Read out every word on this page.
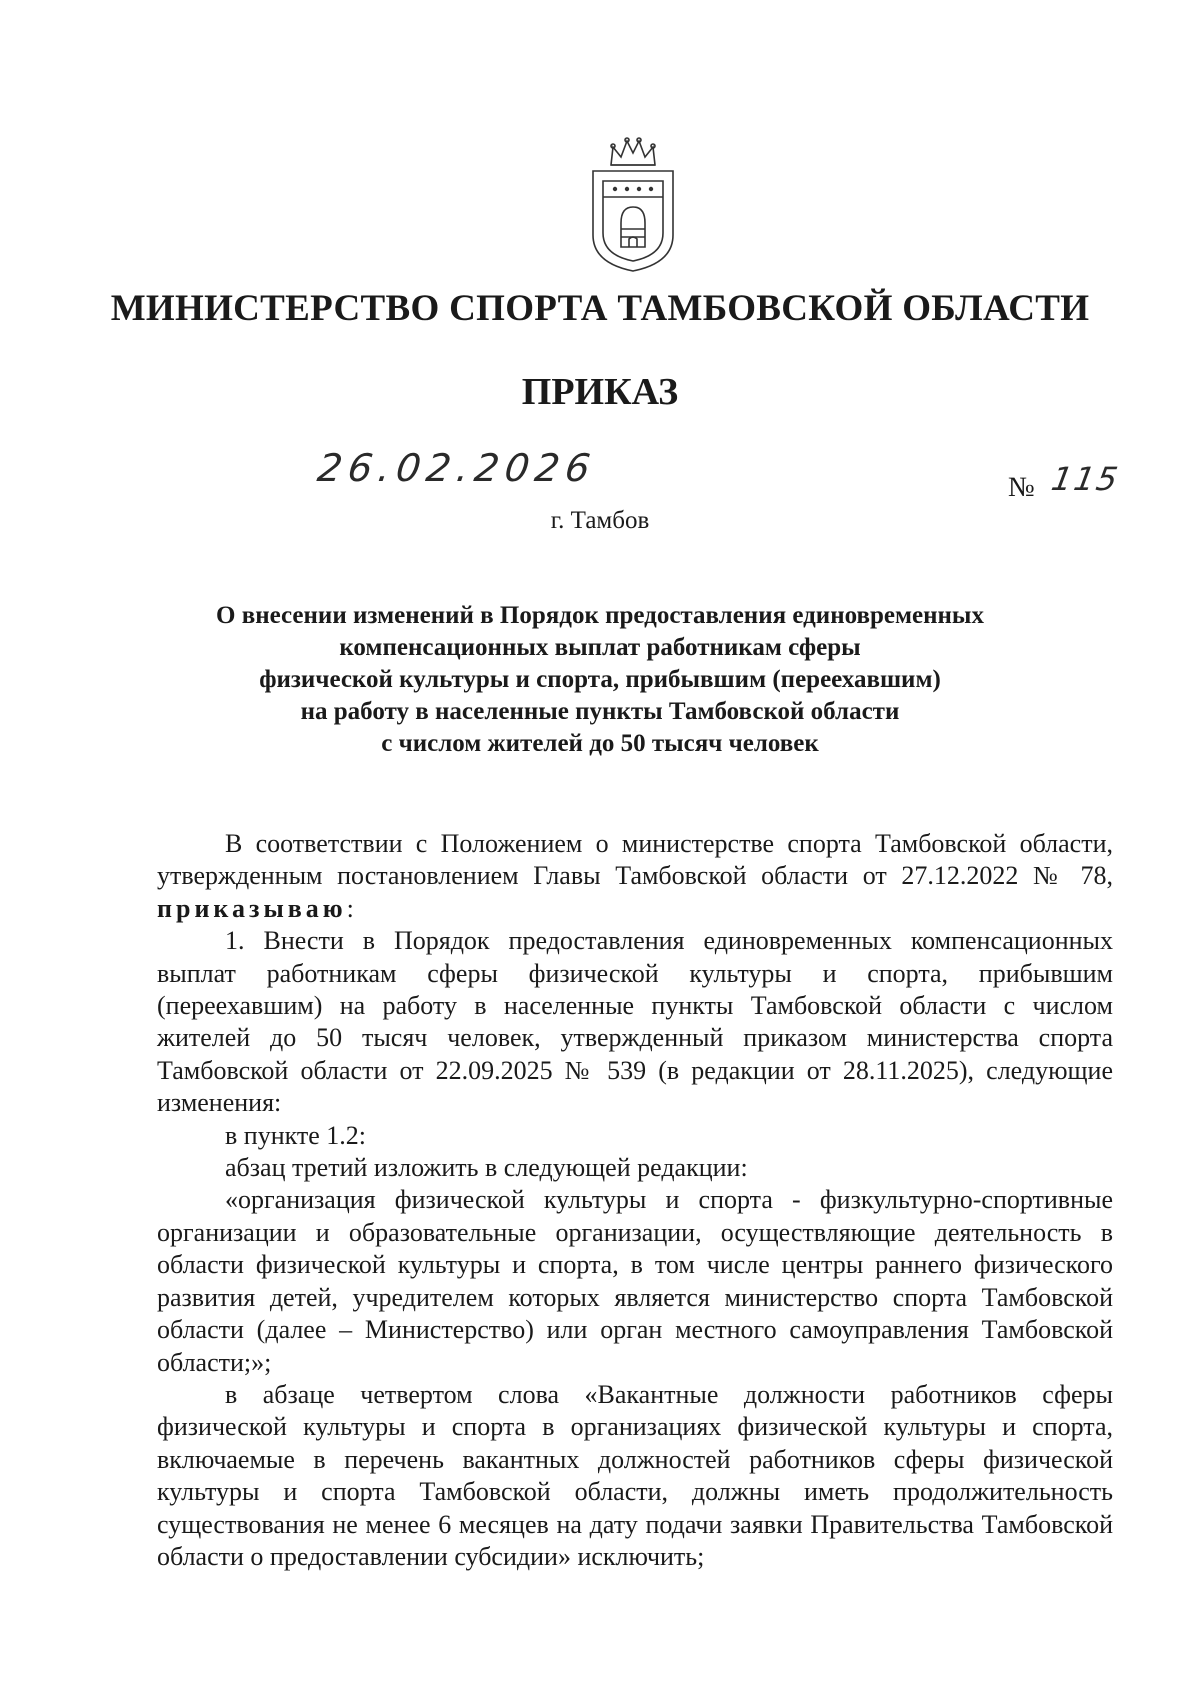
МИНИСТЕРСТВО СПОРТА ТАМБОВСКОЙ ОБЛАСТИ
ПРИКАЗ
26.02.2026	№ 115
г. Тамбов
О внесении изменений в Порядок предоставления единовременных
компенсационных выплат работникам сферы
физической культуры и спорта, прибывшим (переехавшим)
на работу в населенные пункты Тамбовской области
с числом жителей до 50 тысяч человек

В соответствии с Положением о министерстве спорта Тамбовской области, утвержденным постановлением Главы Тамбовской области от 27.12.2022 № 78, приказываю:

1. Внести в Порядок предоставления единовременных компенсационных выплат работникам сферы физической культуры и спорта, прибывшим (переехавшим) на работу в населенные пункты Тамбовской области с числом жителей до 50 тысяч человек, утвержденный приказом министерства спорта Тамбовской области от 22.09.2025 № 539 (в редакции от 28.11.2025), следующие изменения:

в пункте 1.2:

абзац третий изложить в следующей редакции:

«организация физической культуры и спорта - физкультурно-спортивные организации и образовательные организации, осуществляющие деятельность в области физической культуры и спорта, в том числе центры раннего физического развития детей, учредителем которых является министерство спорта Тамбовской области (далее – Министерство) или орган местного самоуправления Тамбовской области;»;

в абзаце четвертом слова «Вакантные должности работников сферы физической культуры и спорта в организациях физической культуры и спорта, включаемые в перечень вакантных должностей работников сферы физической культуры и спорта Тамбовской области, должны иметь продолжительность существования не менее 6 месяцев на дату подачи заявки Правительства Тамбовской области о предоставлении субсидии» исключить;
